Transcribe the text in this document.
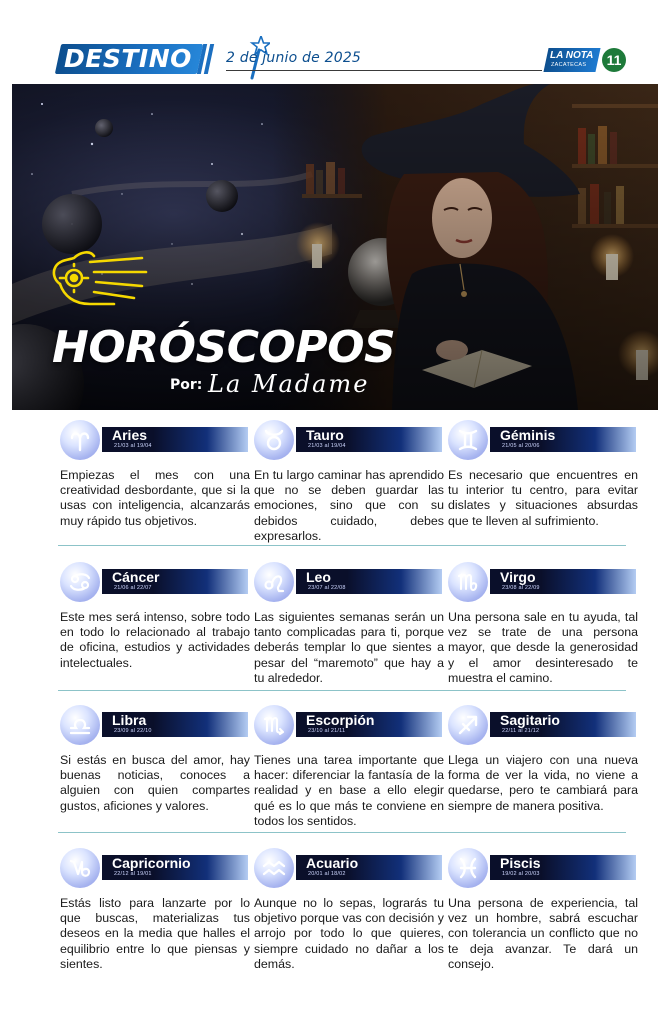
DESTINO 2 de junio de 2025	LA NOTA
ZACATECAS	11
HORÓSCOPOS
Por: La Madame
Aries
21/03 al 19/04
Empiezas el mes con una creatividad desbordante, que si la usas con inteligencia, alcanzarás muy rápido tus objetivos.
Tauro
21/03 al 19/04
En tu largo caminar has aprendido que no se deben guardar las emociones, sino que con su debidos cuidado, debes expresarlos.
Géminis
21/05 al 20/06
Es necesario que encuentres en tu interior tu centro, para evitar dislates y situaciones absurdas que te lleven al sufrimiento.
Cáncer
21/06 al 22/07
Este mes será intenso, sobre todo en todo lo relacionado al trabajo de oficina, estudios y actividades intelectuales.
Leo
23/07 al 22/08
Las siguientes semanas serán un tanto complicadas para ti, porque deberás templar lo que sientes a pesar del “maremoto” que hay a tu alrededor.
Virgo
23/08 al 22/09
Una persona sale en tu ayuda, tal vez se trate de una persona mayor, que desde la generosidad y el amor desinteresado te muestra el camino.
Libra
23/09 al 22/10
Si estás en busca del amor, hay buenas noticias, conoces a alguien con quien compartes gustos, aficiones y valores.
Escorpión
23/10 al 21/11
Tienes una tarea importante que hacer: diferenciar la fantasía de la realidad y en base a ello elegir qué es lo que más te conviene en todos los sentidos.
Sagitario
22/11 al 21/12
Llega un viajero con una nueva forma de ver la vida, no viene a quedarse, pero te cambiará para siempre de manera positiva.
Capricornio
22/12 al 19/01
Estás listo para lanzarte por lo que buscas, materializas tus deseos en la media que halles el equilibrio entre lo que piensas y sientes.
Acuario
20/01 al 18/02
Aunque no lo sepas, lograrás tu objetivo porque vas con decisión y arrojo por todo lo que quieres, siempre cuidado no dañar a los demás.
Piscis
19/02 al 20/03
Una persona de experiencia, tal vez un hombre, sabrá escuchar con tolerancia un conflicto que no te deja avanzar. Te dará un consejo.
